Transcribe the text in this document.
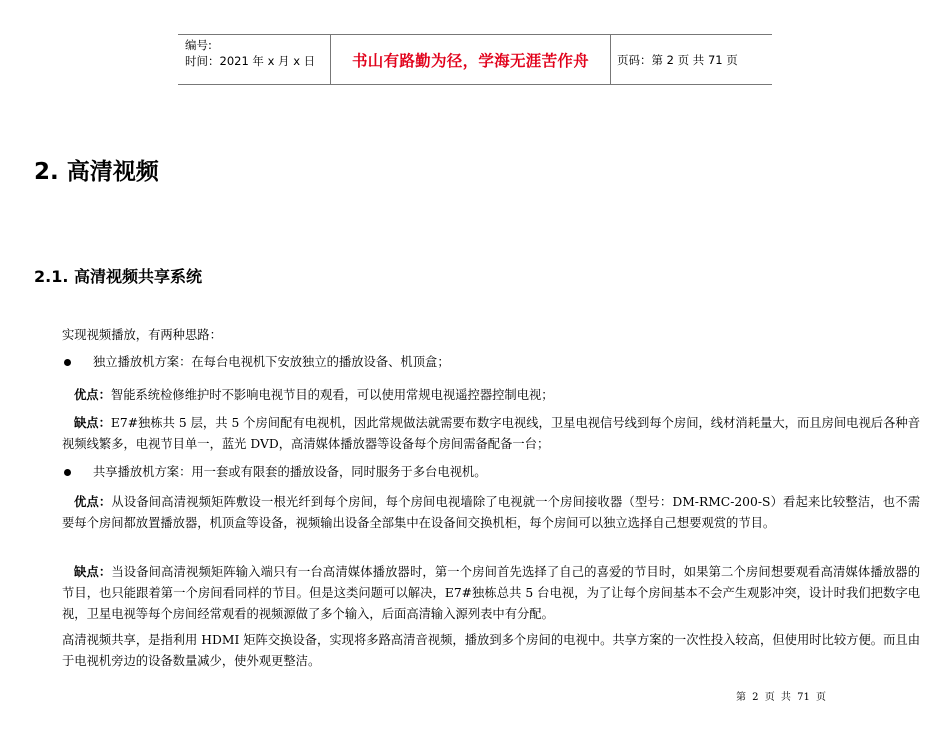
编号:
时间：2021 年 x 月 x 日	书山有路勤为径，学海无涯苦作舟 页码：第 2 页 共 71 页
2. 高清视频
2.1. 高清视频共享系统
实现视频播放，有两种思路：
独立播放机方案：在每台电视机下安放独立的播放设备、机顶盒；
优点：智能系统检修维护时不影响电视节目的观看，可以使用常规电视遥控器控制电视；
缺点：E7#独栋共 5 层，共 5 个房间配有电视机，因此常规做法就需要布数字电视线，卫星电视信号线到每个房间，线材消耗量大，而且房间电视后各种音视频线繁多，电视节目单一，蓝光 DVD，高清媒体播放器等设备每个房间需备配备一台；
共享播放机方案：用一套或有限套的播放设备，同时服务于多台电视机。
优点：从设备间高清视频矩阵敷设一根光纤到每个房间，每个房间电视墙除了电视就一个房间接收器（型号：DM-RMC-200-S）看起来比较整洁，也不需要每个房间都放置播放器，机顶盒等设备，视频输出设备全部集中在设备间交换机柜，每个房间可以独立选择自己想要观赏的节目。
缺点：当设备间高清视频矩阵输入端只有一台高清媒体播放器时，第一个房间首先选择了自己的喜爱的节目时，如果第二个房间想要观看高清媒体播放器的节目，也只能跟着第一个房间看同样的节目。但是这类问题可以解决，E7#独栋总共 5 台电视，为了让每个房间基本不会产生观影冲突，设计时我们把数字电视，卫星电视等每个房间经常观看的视频源做了多个输入，后面高清输入源列表中有分配。
高清视频共享，是指利用 HDMI 矩阵交换设备，实现将多路高清音视频，播放到多个房间的电视中。共享方案的一次性投入较高，但使用时比较方便。而且由于电视机旁边的设备数量减少，使外观更整洁。
第 2 页 共 71 页
